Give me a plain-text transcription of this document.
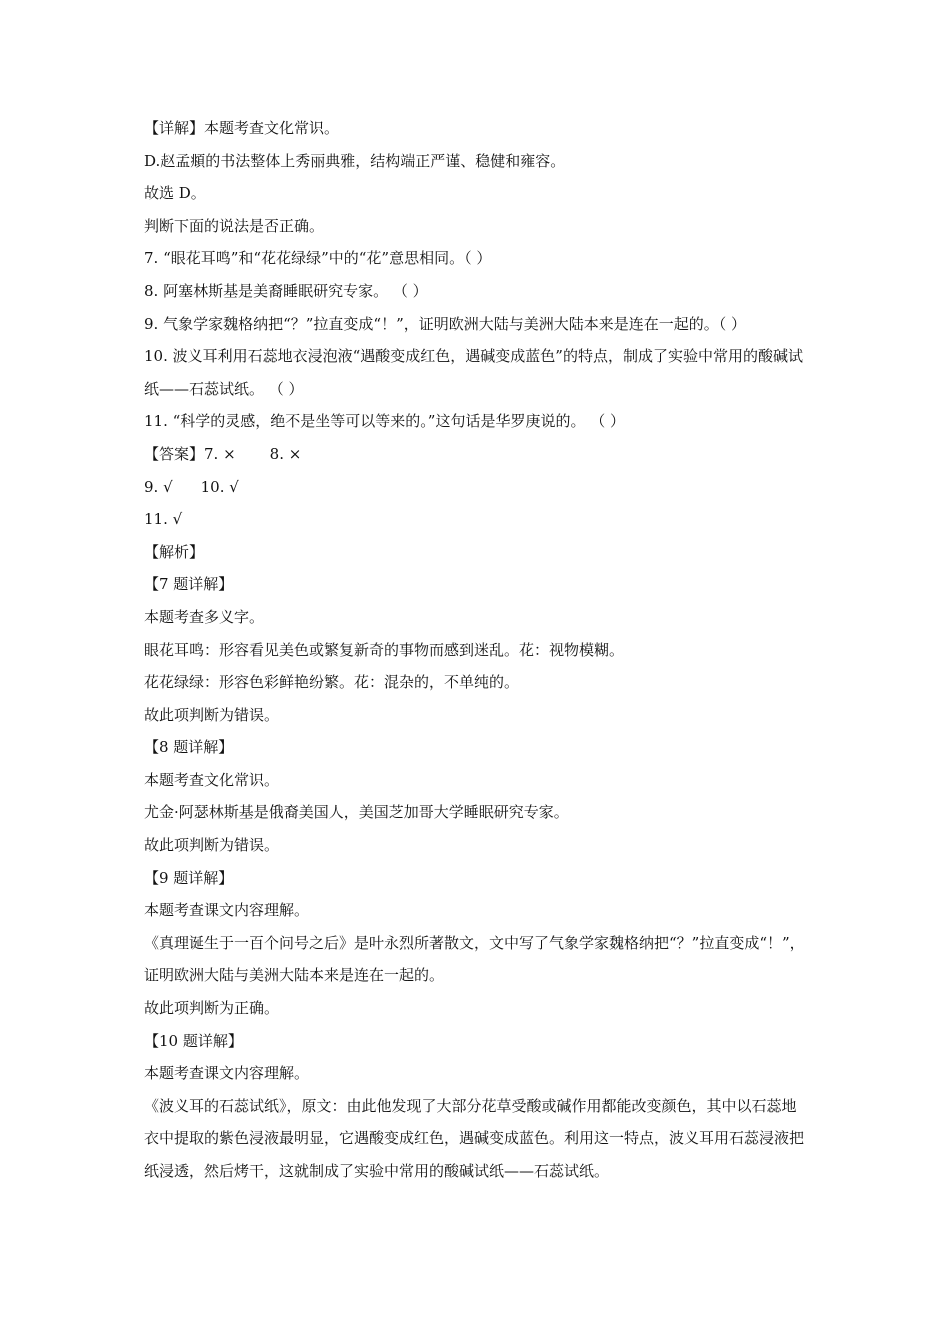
【详解】本题考查文化常识。
D.赵孟頫的书法整体上秀丽典雅，结构端正严谨、稳健和雍容。
故选 D。
判断下面的说法是否正确。
7. “眼花耳鸣”和“花花绿绿”中的“花”意思相同。（ ）
8. 阿塞林斯基是美裔睡眠研究专家。 （ ）
9. 气象学家魏格纳把“？”拉直变成“！”，证明欧洲大陆与美洲大陆本来是连在一起的。（ ）
10. 波义耳利用石蕊地衣浸泡液“遇酸变成红色，遇碱变成蓝色”的特点，制成了实验中常用的酸碱试纸——石蕊试纸。 （ ）
11. “科学的灵感，绝不是坐等可以等来的。”这句话是华罗庚说的。 （ ）
【答案】7. × 8. ×
9. √ 10. √
11. √
【解析】
【7 题详解】
本题考查多义字。
眼花耳鸣：形容看见美色或繁复新奇的事物而感到迷乱。花：视物模糊。
花花绿绿：形容色彩鲜艳纷繁。花：混杂的，不单纯的。
故此项判断为错误。
【8 题详解】
本题考查文化常识。
尤金·阿瑟林斯基是俄裔美国人，美国芝加哥大学睡眠研究专家。
故此项判断为错误。
【9 题详解】
本题考查课文内容理解。
《真理诞生于一百个问号之后》是叶永烈所著散文，文中写了气象学家魏格纳把“？”拉直变成“！”，证明欧洲大陆与美洲大陆本来是连在一起的。
故此项判断为正确。
【10 题详解】
本题考查课文内容理解。
《波义耳的石蕊试纸》，原文：由此他发现了大部分花草受酸或碱作用都能改变颜色，其中以石蕊地衣中提取的紫色浸液最明显，它遇酸变成红色，遇碱变成蓝色。利用这一特点，波义耳用石蕊浸液把纸浸透，然后烤干，这就制成了实验中常用的酸碱试纸——石蕊试纸。
